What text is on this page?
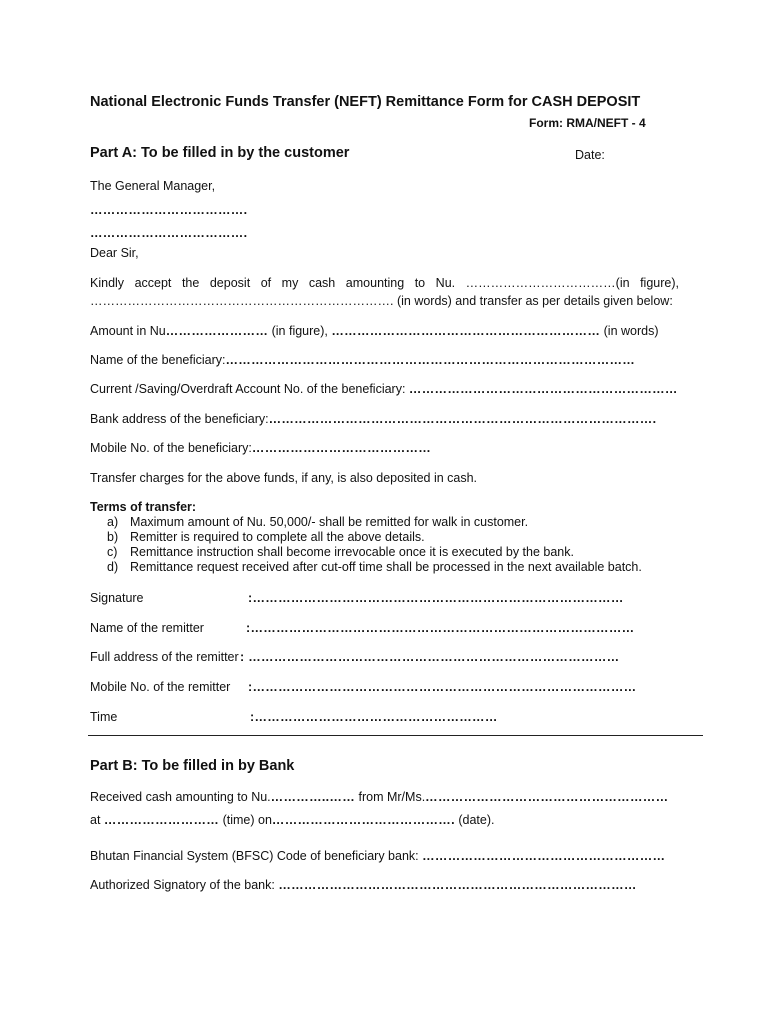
National Electronic Funds Transfer (NEFT) Remittance Form for CASH DEPOSIT
Form: RMA/NEFT - 4
Part A: To be filled in by the customer	Date:
The General Manager,
……………………………….
……………………………….
Dear Sir,
Kindly accept the deposit of my cash amounting to Nu. ………………………………(in figure),
………………………………………………………………. (in words) and transfer as per details given below:
Amount in Nu…………………… (in figure), ……………………………………………………… (in words)
Name of the beneficiary:……………………………………………………………………………………
Current /Saving/Overdraft Account No. of the beneficiary: ………………………………………………………
Bank address of the beneficiary:……………………………………………………………………………….
Mobile No. of the beneficiary:……………………………………
Transfer charges for the above funds, if any, is also deposited in cash.
Terms of transfer:
a) Maximum amount of Nu. 50,000/- shall be remitted for walk in customer.
b) Remitter is required to complete all the above details.
c) Remittance instruction shall become irrevocable once it is executed by the bank.
d) Remittance request received after cut-off time shall be processed in the next available batch.
Signature	:……………………………………………………………………………
Name of the remitter	:………………………………………………………………………………
Full address of the remitter : ……………………………………………………………………………
Mobile No. of the remitter :………………………………………………………………………………
Time	:…………………………………………………
Part B: To be filled in by Bank
Received cash amounting to Nu.…………..…… from Mr/Ms.…………………………………………………
at ……………………… (time) on……………………………………. (date).
Bhutan Financial System (BFSC) Code of beneficiary bank: …………………………………………………
Authorized Signatory of the bank: …………………………………………………………………………
